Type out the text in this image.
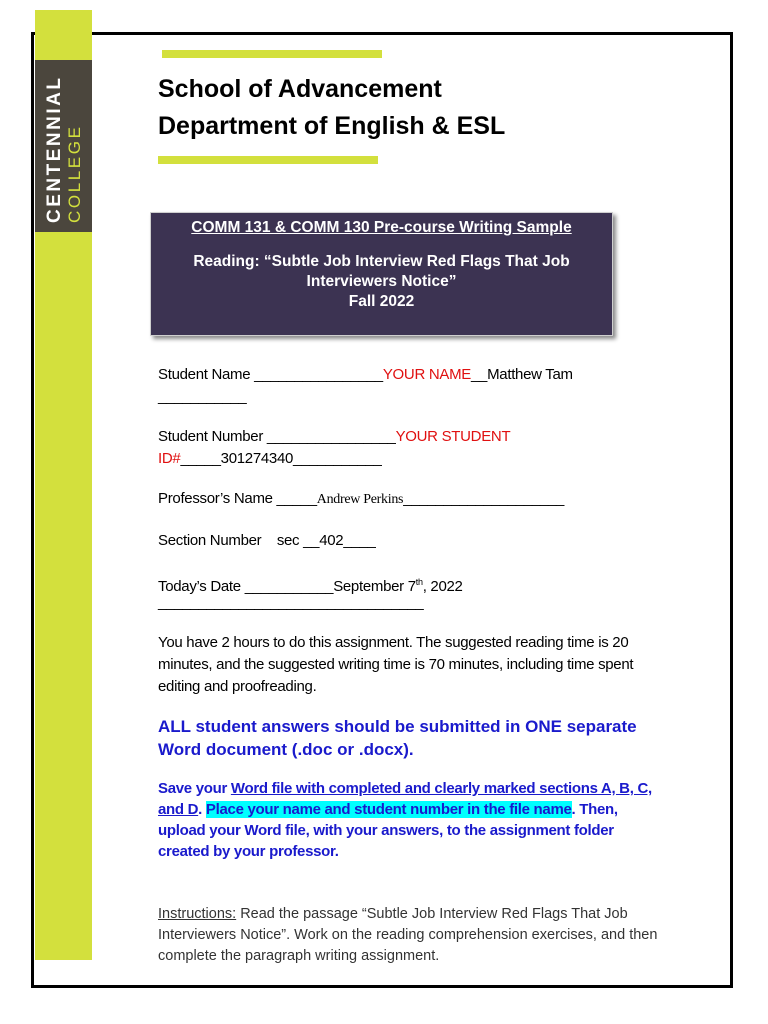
CENTENNIAL COLLEGE
School of Advancement
Department of English & ESL
COMM 131 & COMM 130 Pre-course Writing Sample
Reading: “Subtle Job Interview Red Flags That Job
Interviewers Notice”
Fall 2022
Student Name ________________YOUR NAME__Matthew Tam
___________
Student Number ________________YOUR STUDENT
ID#_____301274340___________
Professor’s Name _____Andrew Perkins____________________
Section Number    sec __402____
Today’s Date ___________September 7th, 2022
_________________________________
You have 2 hours to do this assignment. The suggested reading time is 20 minutes, and the suggested writing time is 70 minutes, including time spent editing and proofreading.
ALL student answers should be submitted in ONE separate Word document (.doc or .docx).
Save your Word file with completed and clearly marked sections A, B, C, and D. Place your name and student number in the file name. Then, upload your Word file, with your answers, to the assignment folder created by your professor.
Instructions: Read the passage “Subtle Job Interview Red Flags That Job Interviewers Notice”. Work on the reading comprehension exercises, and then complete the paragraph writing assignment.
